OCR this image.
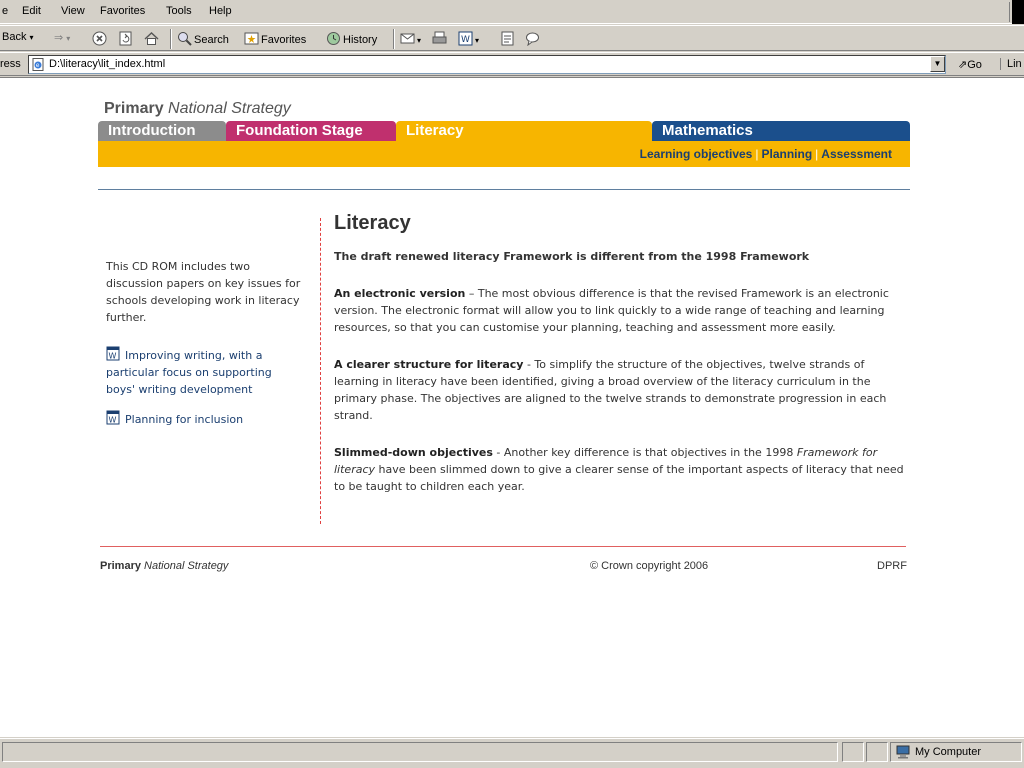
e Edit View Favorites Tools Help
Back ▾ ⇒ ▾	Search	Favorites	History	▾	W ▾
ress	e D:\literacy\lit_index.html	▼	⇗Go	Lin
Primary National Strategy
Introduction	Foundation Stage	Literacy	Mathematics
Learning objectives | Planning | Assessment
This CD ROM includes two discussion papers on key issues for schools developing work in literacy further.
W Improving writing, with a particular focus on supporting boys' writing development
W Planning for inclusion
Literacy
The draft renewed literacy Framework is different from the 1998 Framework

An electronic version – The most obvious difference is that the revised Framework is an electronic version. The electronic format will allow you to link quickly to a wide range of teaching and learning resources, so that you can customise your planning, teaching and assessment more easily.

A clearer structure for literacy - To simplify the structure of the objectives, twelve strands of learning in literacy have been identified, giving a broad overview of the literacy curriculum in the primary phase. The objectives are aligned to the twelve strands to demonstrate progression in each strand.

Slimmed-down objectives - Another key difference is that objectives in the 1998 Framework for literacy have been slimmed down to give a clearer sense of the important aspects of literacy that need to be taught to children each year.

Primary National Strategy	© Crown copyright 2006	DPRF
My Computer
